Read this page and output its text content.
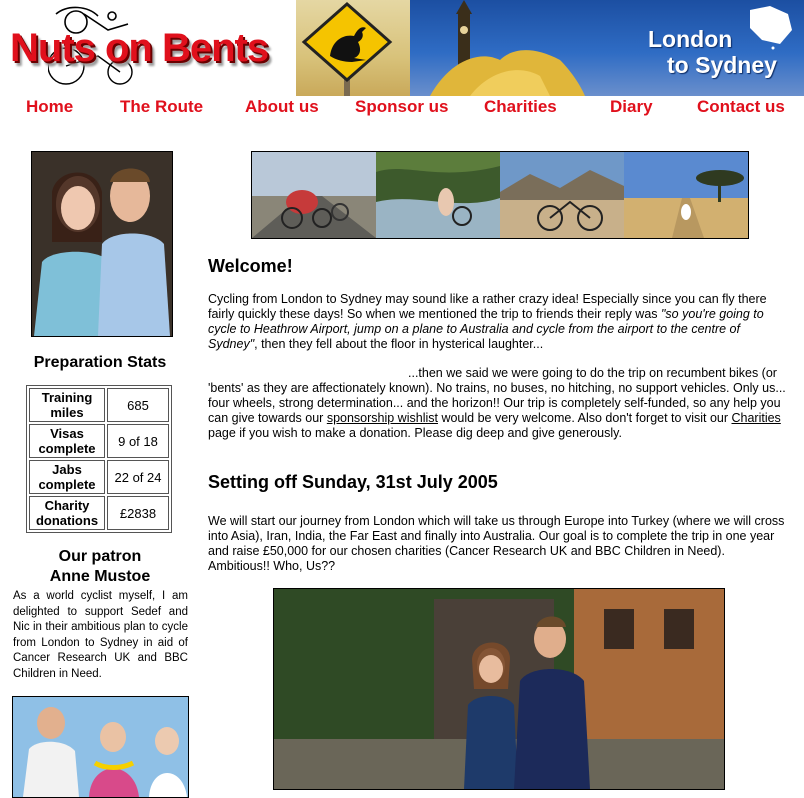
Nuts on Bents	London
to Sydney
Home	The Route About us Sponsor us Charities	Diary	Contact us
Preparation Stats
Training miles	685
Visas complete	9 of 18
Jabs complete	22 of 24
Charity donations	£2838
Our patron
Anne Mustoe
As a world cyclist myself, I am delighted to support Sedef and Nic in their ambitious plan to cycle from London to Sydney in aid of Cancer Research UK and BBC Children in Need.
Welcome!
Cycling from London to Sydney may sound like a rather crazy idea! Especially since you can fly there fairly quickly these days! So when we mentioned the trip to friends their reply was "so you're going to cycle to Heathrow Airport, jump on a plane to Australia and cycle from the airport to the centre of Sydney", then they fell about the floor in hysterical laughter...
...then we said we were going to do the trip on recumbent bikes (or 'bents' as they are affectionately known). No trains, no buses, no hitching, no support vehicles. Only us... four wheels, strong determination... and the horizon!! Our trip is completely self-funded, so any help you can give towards our sponsorship wishlist would be very welcome. Also don't forget to visit our Charities page if you wish to make a donation. Please dig deep and give generously.
Setting off Sunday, 31st July 2005
We will start our journey from London which will take us through Europe into Turkey (where we will cross into Asia), Iran, India, the Far East and finally into Australia. Our goal is to complete the trip in one year and raise £50,000 for our chosen charities (Cancer Research UK and BBC Children in Need). Ambitious!! Who, Us??
